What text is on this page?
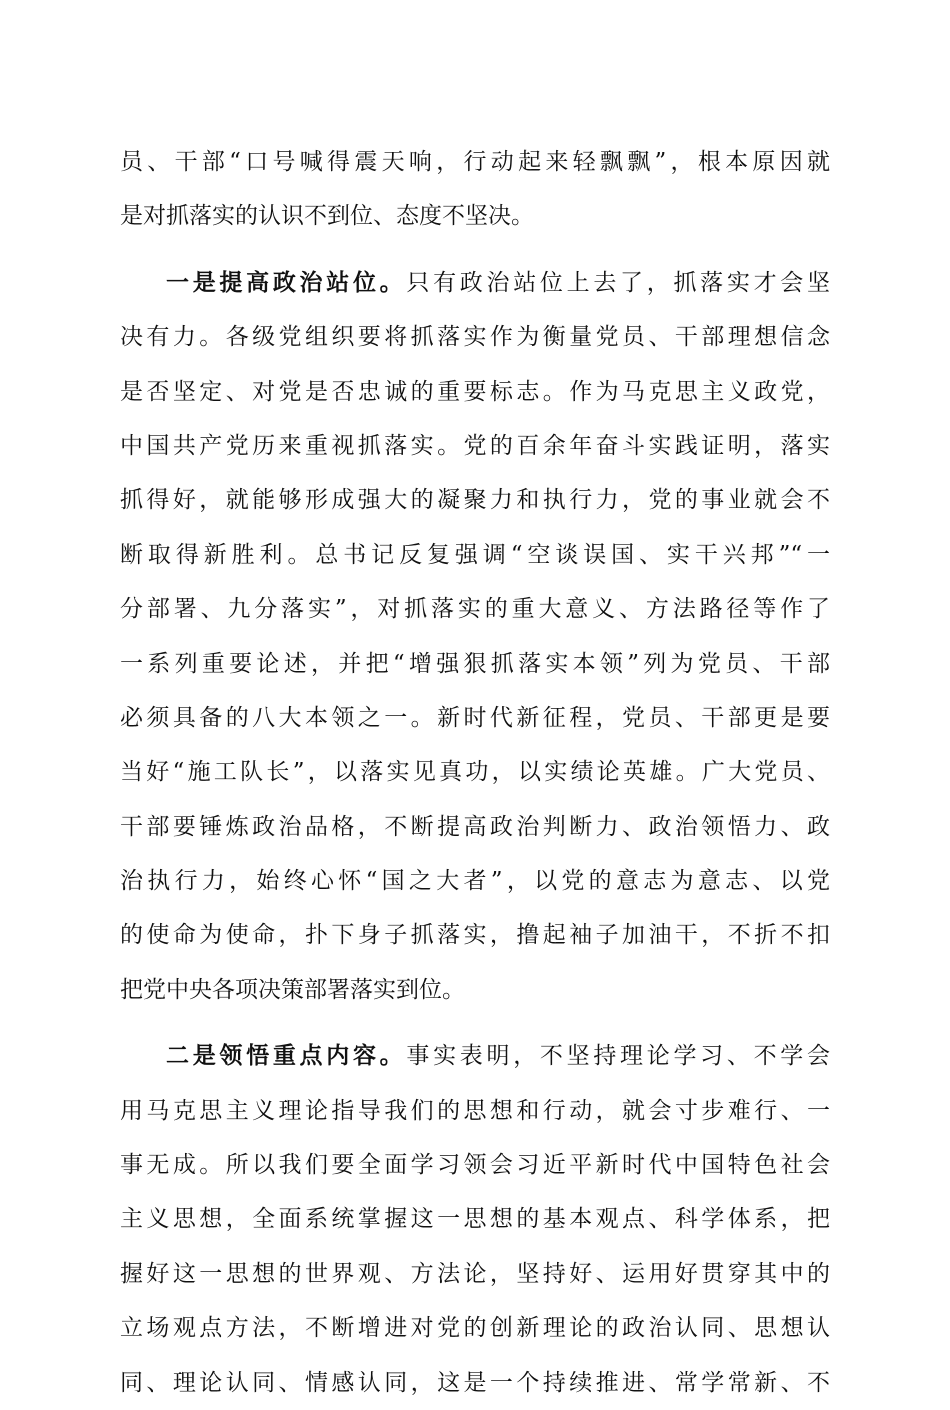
员、干部“口号喊得震天响，行动起来轻飘飘”，根本原因就
是对抓落实的认识不到位、态度不坚决。
一是提高政治站位。只有政治站位上去了，抓落实才会坚
决有力。各级党组织要将抓落实作为衡量党员、干部理想信念
是否坚定、对党是否忠诚的重要标志。作为马克思主义政党，
中国共产党历来重视抓落实。党的百余年奋斗实践证明，落实
抓得好，就能够形成强大的凝聚力和执行力，党的事业就会不
断取得新胜利。总书记反复强调“空谈误国、实干兴邦”“一
分部署、九分落实”，对抓落实的重大意义、方法路径等作了
一系列重要论述，并把“增强狠抓落实本领”列为党员、干部
必须具备的八大本领之一。新时代新征程，党员、干部更是要
当好“施工队长”，以落实见真功，以实绩论英雄。广大党员、
干部要锤炼政治品格，不断提高政治判断力、政治领悟力、政
治执行力，始终心怀“国之大者”，以党的意志为意志、以党
的使命为使命，扑下身子抓落实，撸起袖子加油干，不折不扣
把党中央各项决策部署落实到位。
二是领悟重点内容。事实表明，不坚持理论学习、不学会
用马克思主义理论指导我们的思想和行动，就会寸步难行、一
事无成。所以我们要全面学习领会习近平新时代中国特色社会
主义思想，全面系统掌握这一思想的基本观点、科学体系，把
握好这一思想的世界观、方法论，坚持好、运用好贯穿其中的
立场观点方法，不断增进对党的创新理论的政治认同、思想认
同、理论认同、情感认同，这是一个持续推进、常学常新、不
